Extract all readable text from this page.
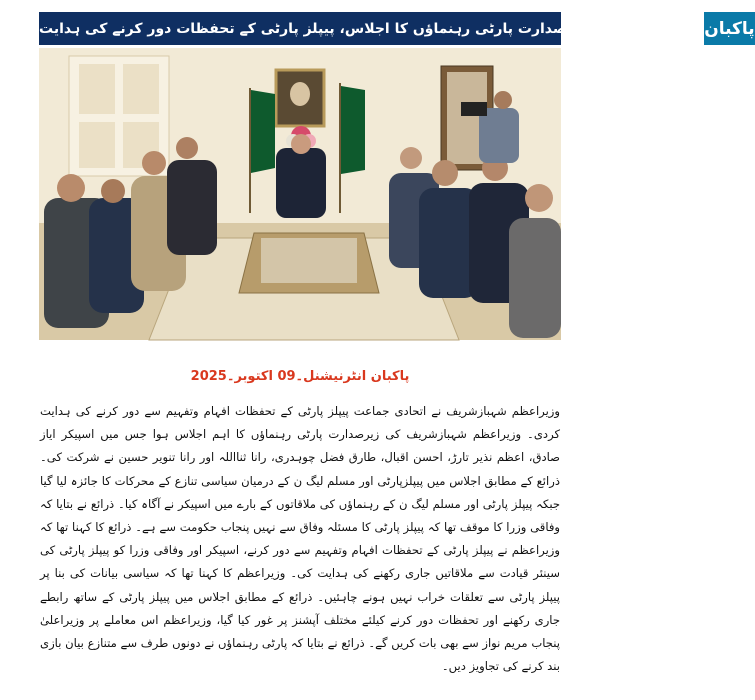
وزیراعظم کی زیرصدارت پارٹی رہنماؤں کا اجلاس، پیپلز پارٹی کے تحفظات دور کرنے کی ہدایت پاکبان
پاکبان انٹرنیشنل۔09 اکتوبر۔2025

وزیراعظم شہبازشریف نے اتحادی جماعت پیپلز پارٹی کے تحفظات افہام وتفہیم سے دور کرنے کی ہدایت کردی۔ وزیراعظم شہبازشریف کی زیرصدارت پارٹی رہنماؤں کا اہم اجلاس ہوا جس میں اسپیکر ایاز صادق، اعظم نذیر تارڑ، احسن اقبال، طارق فضل چوہدری، رانا ثنااللہ اور رانا تنویر حسین نے شرکت کی۔ ذرائع کے مطابق اجلاس میں پیپلزپارٹی اور مسلم لیگ ن کے درمیان سیاسی تنازع کے محرکات کا جائزہ لیا گیا جبکہ پیپلز پارٹی اور مسلم لیگ ن کے رہنماؤں کی ملاقاتوں کے بارے میں اسپیکر نے آگاہ کیا۔ ذرائع نے بتایا کہ وفاقی وزرا کا موقف تھا کہ پیپلز پارٹی کا مسئلہ وفاق سے نہیں پنجاب حکومت سے ہے۔ ذرائع کا کہنا تھا کہ وزیراعظم نے پیپلز پارٹی کے تحفظات افہام وتفہیم سے دور کرنے، اسپیکر اور وفاقی وزرا کو پیپلز پارٹی کی سینئر قیادت سے ملاقاتیں جاری رکھنے کی ہدایت کی۔ وزیراعظم کا کہنا تھا کہ سیاسی بیانات کی بنا پر پیپلز پارٹی سے تعلقات خراب نہیں ہونے چاہئیں۔ ذرائع کے مطابق اجلاس میں پیپلز پارٹی کے ساتھ رابطے جاری رکھنے اور تحفظات دور کرنے کیلئے مختلف آپشنز پر غور کیا گیا، وزیراعظم اس معاملے پر وزیراعلیٰ پنجاب مریم نواز سے بھی بات کریں گے۔ ذرائع نے بتایا کہ پارٹی رہنماؤں نے دونوں طرف سے متنازع بیان بازی بند کرنے کی تجاویز دیں۔
